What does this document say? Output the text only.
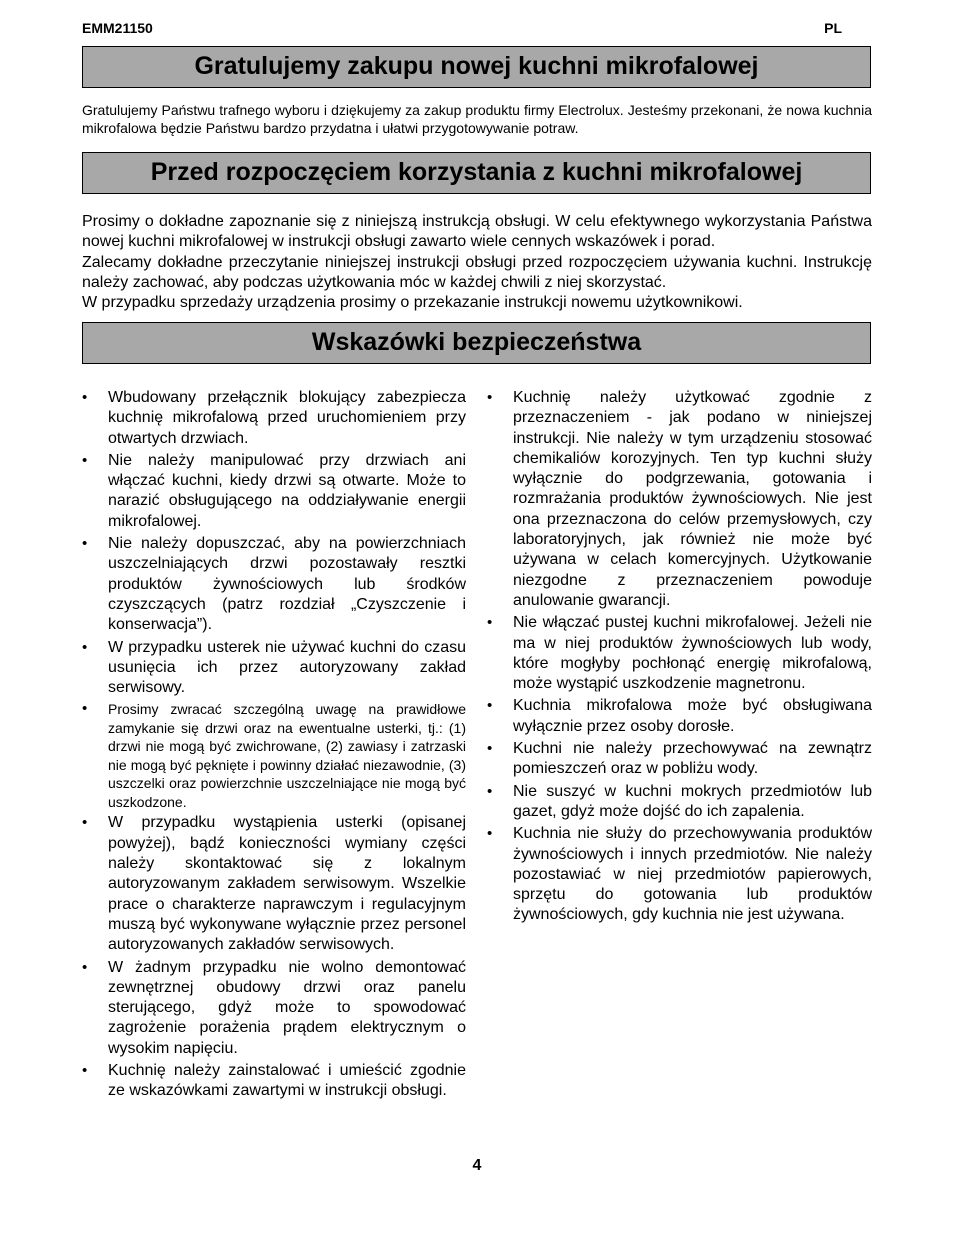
EMM21150	PL
Gratulujemy zakupu nowej kuchni mikrofalowej

Gratulujemy Państwu trafnego wyboru i dziękujemy za zakup produktu firmy Electrolux. Jesteśmy przekonani, że nowa kuchnia mikrofalowa będzie Państwu bardzo przydatna i ułatwi przygotowywanie potraw.

Przed rozpoczęciem korzystania z kuchni mikrofalowej

Prosimy o dokładne zapoznanie się z niniejszą instrukcją obsługi. W celu efektywnego wykorzystania Państwa nowej kuchni mikrofalowej w instrukcji obsługi zawarto wiele cennych wskazówek i porad.

Zalecamy dokładne przeczytanie niniejszej instrukcji obsługi przed rozpoczęciem używania kuchni. Instrukcję należy zachować, aby podczas użytkowania móc w każdej chwili z niej skorzystać.

W przypadku sprzedaży urządzenia prosimy o przekazanie instrukcji nowemu użytkownikowi.

Wskazówki bezpieczeństwa
• Wbudowany przełącznik blokujący zabezpiecza kuchnię mikrofalową przed uruchomieniem przy otwartych drzwiach.
• Nie należy manipulować przy drzwiach ani włączać kuchni, kiedy drzwi są otwarte. Może to narazić obsługującego na oddziaływanie energii mikrofalowej.
• Nie należy dopuszczać, aby na powierzchniach uszczelniających drzwi pozostawały resztki produktów żywnościowych lub środków czyszczących (patrz rozdział „Czyszczenie i konserwacja”).
• W przypadku usterek nie używać kuchni do czasu usunięcia ich przez autoryzowany zakład serwisowy.
• Prosimy zwracać szczególną uwagę na prawidłowe zamykanie się drzwi oraz na ewentualne usterki, tj.: (1) drzwi nie mogą być zwichrowane, (2) zawiasy i zatrzaski nie mogą być pęknięte i powinny działać niezawodnie, (3) uszczelki oraz powierzchnie uszczelniające nie mogą być uszkodzone.
• W przypadku wystąpienia usterki (opisanej powyżej), bądź konieczności wymiany części należy skontaktować się z lokalnym autoryzowanym zakładem serwisowym. Wszelkie prace o charakterze naprawczym i regulacyjnym muszą być wykonywane wyłącznie przez personel autoryzowanych zakładów serwisowych.
• W żadnym przypadku nie wolno demontować zewnętrznej obudowy drzwi oraz panelu sterującego, gdyż może to spowodować zagrożenie porażenia prądem elektrycznym o wysokim napięciu.
• Kuchnię należy zainstalować i umieścić zgodnie ze wskazówkami zawartymi w instrukcji obsługi.
• Kuchnię należy użytkować zgodnie z przeznaczeniem - jak podano w niniejszej instrukcji. Nie należy w tym urządzeniu stosować chemikaliów korozyjnych. Ten typ kuchni służy wyłącznie do podgrzewania, gotowania i rozmrażania produktów żywnościowych. Nie jest ona przeznaczona do celów przemysłowych, czy laboratoryjnych, jak również nie może być używana w celach komercyjnych. Użytkowanie niezgodne z przeznaczeniem powoduje anulowanie gwarancji.
• Nie włączać pustej kuchni mikrofalowej. Jeżeli nie ma w niej produktów żywnościowych lub wody, które mogłyby pochłonąć energię mikrofalową, może wystąpić uszkodzenie magnetronu.
• Kuchnia mikrofalowa może być obsługiwana wyłącznie przez osoby dorosłe.
• Kuchni nie należy przechowywać na zewnątrz pomieszczeń oraz w pobliżu wody.
• Nie suszyć w kuchni mokrych przedmiotów lub gazet, gdyż może dojść do ich zapalenia.
• Kuchnia nie służy do przechowywania produktów żywnościowych i innych przedmiotów. Nie należy pozostawiać w niej przedmiotów papierowych, sprzętu do gotowania lub produktów żywnościowych, gdy kuchnia nie jest używana.
4
